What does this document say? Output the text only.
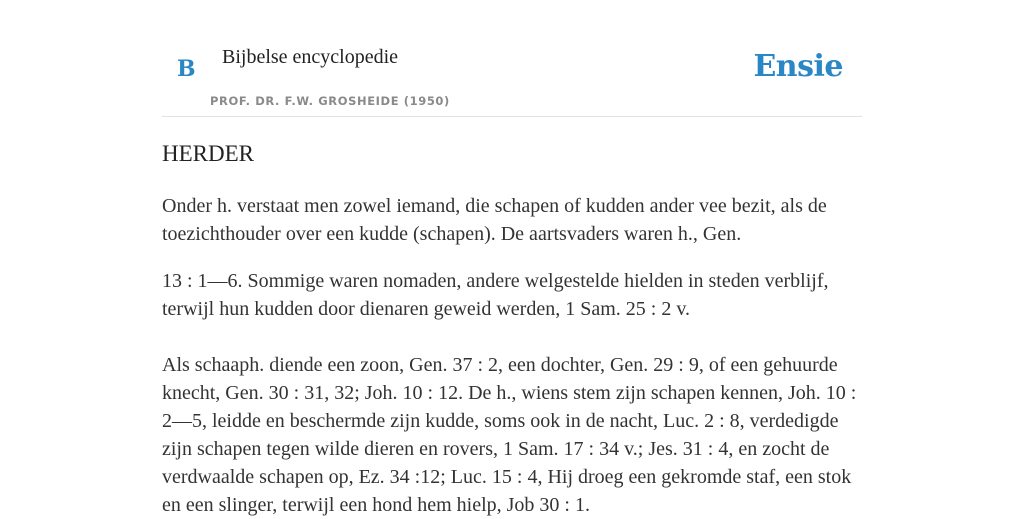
B Bijbelse encyclopedie
PROF. DR. F.W. GROSHEIDE (1950)
Ensie
HERDER

Onder h. verstaat men zowel iemand, die schapen of kudden ander vee bezit, als de toezichthouder over een kudde (schapen). De aartsvaders waren h., Gen.

13 : 1—6. Sommige waren nomaden, andere welgestelde hielden in steden verblijf, terwijl hun kudden door dienaren geweid werden, 1 Sam. 25 : 2 v.

Als schaaph. diende een zoon, Gen. 37 : 2, een dochter, Gen. 29 : 9, of een gehuurde knecht, Gen. 30 : 31, 32; Joh. 10 : 12. De h., wiens stem zijn schapen kennen, Joh. 10 : 2—5, leidde en beschermde zijn kudde, soms ook in de nacht, Luc. 2 : 8, verdedigde zijn schapen tegen wilde dieren en rovers, 1 Sam. 17 : 34 v.; Jes. 31 : 4, en zocht de verdwaalde schapen op, Ez. 34 :12; Luc. 15 : 4, Hij droeg een gekromde staf, een stok en een slinger, terwijl een hond hem hielp, Job 30 : 1.
